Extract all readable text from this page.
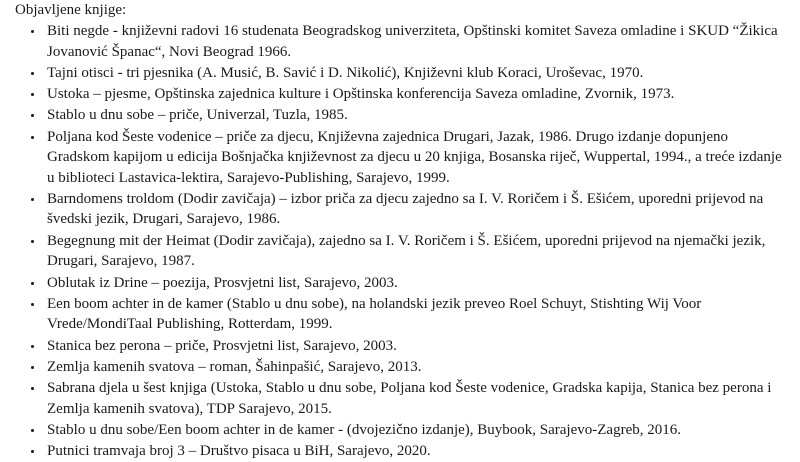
Objavljene knjige:

Biti negde - književni radovi 16 studenata Beogradskog univerziteta, Opštinski komitet Saveza omladine i SKUD “Žikica Jovanović Španac“, Novi Beograd 1966.
Tajni otisci - tri pjesnika (A. Musić, B. Savić i D. Nikolić), Književni klub Koraci, Uroševac, 1970.
Ustoka – pjesme, Opštinska zajednica kulture i Opštinska konferencija Saveza omladine, Zvornik, 1973.
Stablo u dnu sobe – priče, Univerzal, Tuzla, 1985.
Poljana kod Šeste vodenice – priče za djecu, Književna zajednica Drugari, Jazak, 1986. Drugo izdanje dopunjeno Gradskom kapijom u edicija Bošnjačka književnost za djecu u 20 knjiga, Bosanska riječ, Wuppertal, 1994., a treće izdanje u biblioteci Lastavica-lektira, Sarajevo-Publishing, Sarajevo, 1999.
Barndomens troldom (Dodir zavičaja) – izbor priča za djecu zajedno sa I. V. Roričem i Š. Ešićem, uporedni prijevod na švedski jezik, Drugari, Sarajevo, 1986.
Begegnung mit der Heimat (Dodir zavičaja), zajedno sa I. V. Roričem i Š. Ešićem, uporedni prijevod na njemački jezik, Drugari, Sarajevo, 1987.
Oblutak iz Drine – poezija, Prosvjetni list, Sarajevo, 2003.
Een boom achter in de kamer (Stablo u dnu sobe), na holandski jezik preveo Roel Schuyt, Stishting Wij Voor Vrede/MondiTaal Publishing, Rotterdam, 1999.
Stanica bez perona – priče, Prosvjetni list, Sarajevo, 2003.
Zemlja kamenih svatova – roman, Šahinpašić, Sarajevo, 2013.
Sabrana djela u šest knjiga (Ustoka, Stablo u dnu sobe, Poljana kod Šeste vodenice, Gradska kapija, Stanica bez perona i Zemlja kamenih svatova), TDP Sarajevo, 2015.
Stablo u dnu sobe/Een boom achter in de kamer - (dvojezično izdanje), Buybook, Sarajevo-Zagreb, 2016.
Putnici tramvaja broj 3 – Društvo pisaca u BiH, Sarajevo, 2020.
